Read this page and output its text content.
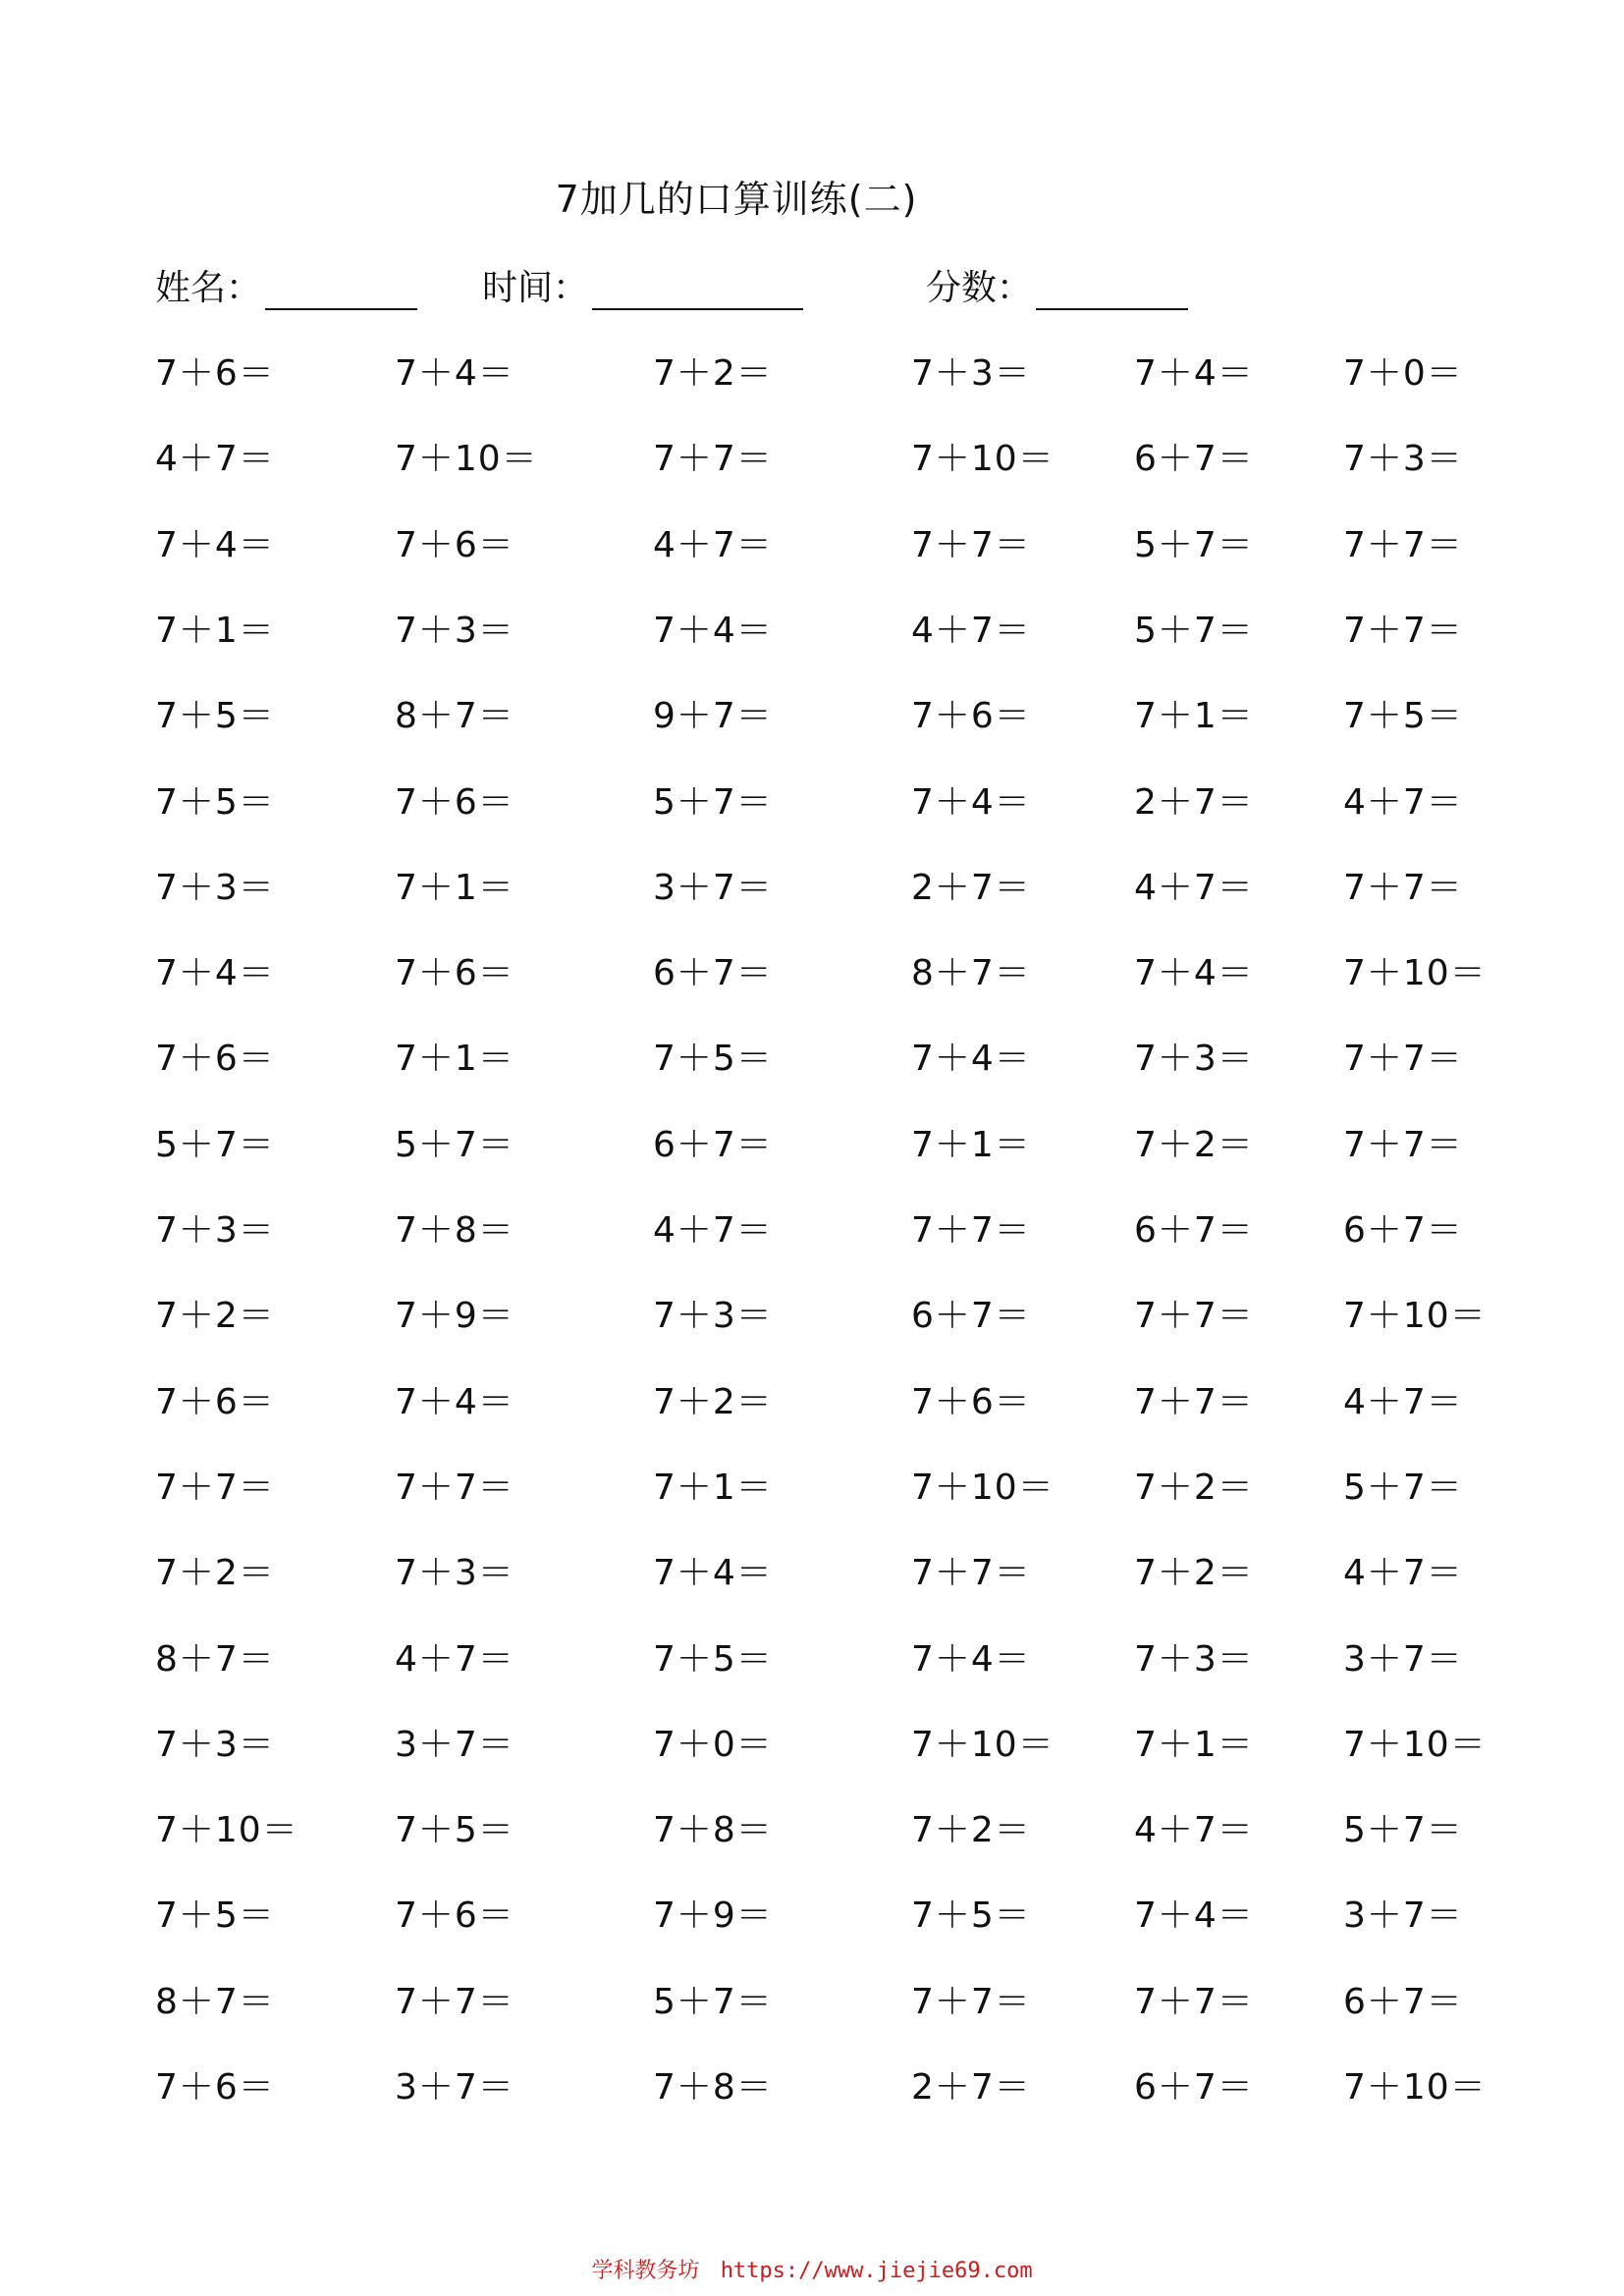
7加几的口算训练(二)
姓名：	时间：	分数：
7＋6＝	7＋4＝	7＋2＝	7＋3＝	7＋4＝	7＋0＝
4＋7＝	7＋10＝	7＋7＝	7＋10＝ 6＋7＝	7＋3＝
7＋4＝	7＋6＝	4＋7＝	7＋7＝	5＋7＝	7＋7＝
7＋1＝	7＋3＝	7＋4＝	4＋7＝	5＋7＝	7＋7＝
7＋5＝	8＋7＝	9＋7＝	7＋6＝	7＋1＝	7＋5＝
7＋5＝	7＋6＝	5＋7＝	7＋4＝	2＋7＝	4＋7＝
7＋3＝	7＋1＝	3＋7＝	2＋7＝	4＋7＝	7＋7＝
7＋4＝	7＋6＝	6＋7＝	8＋7＝	7＋4＝	7＋10＝
7＋6＝	7＋1＝	7＋5＝	7＋4＝	7＋3＝	7＋7＝
5＋7＝	5＋7＝	6＋7＝	7＋1＝	7＋2＝	7＋7＝
7＋3＝	7＋8＝	4＋7＝	7＋7＝	6＋7＝	6＋7＝
7＋2＝	7＋9＝	7＋3＝	6＋7＝	7＋7＝	7＋10＝
7＋6＝	7＋4＝	7＋2＝	7＋6＝	7＋7＝	4＋7＝
7＋7＝	7＋7＝	7＋1＝	7＋10＝ 7＋2＝	5＋7＝
7＋2＝	7＋3＝	7＋4＝	7＋7＝	7＋2＝	4＋7＝
8＋7＝	4＋7＝	7＋5＝	7＋4＝	7＋3＝	3＋7＝
7＋3＝	3＋7＝	7＋0＝	7＋10＝ 7＋1＝	7＋10＝
7＋10＝	7＋5＝	7＋8＝	7＋2＝	4＋7＝	5＋7＝
7＋5＝	7＋6＝	7＋9＝	7＋5＝	7＋4＝	3＋7＝
8＋7＝	7＋7＝	5＋7＝	7＋7＝	7＋7＝	6＋7＝
7＋6＝	3＋7＝	7＋8＝	2＋7＝	6＋7＝	7＋10＝
学科教务坊 https://www.jiejie69.com
